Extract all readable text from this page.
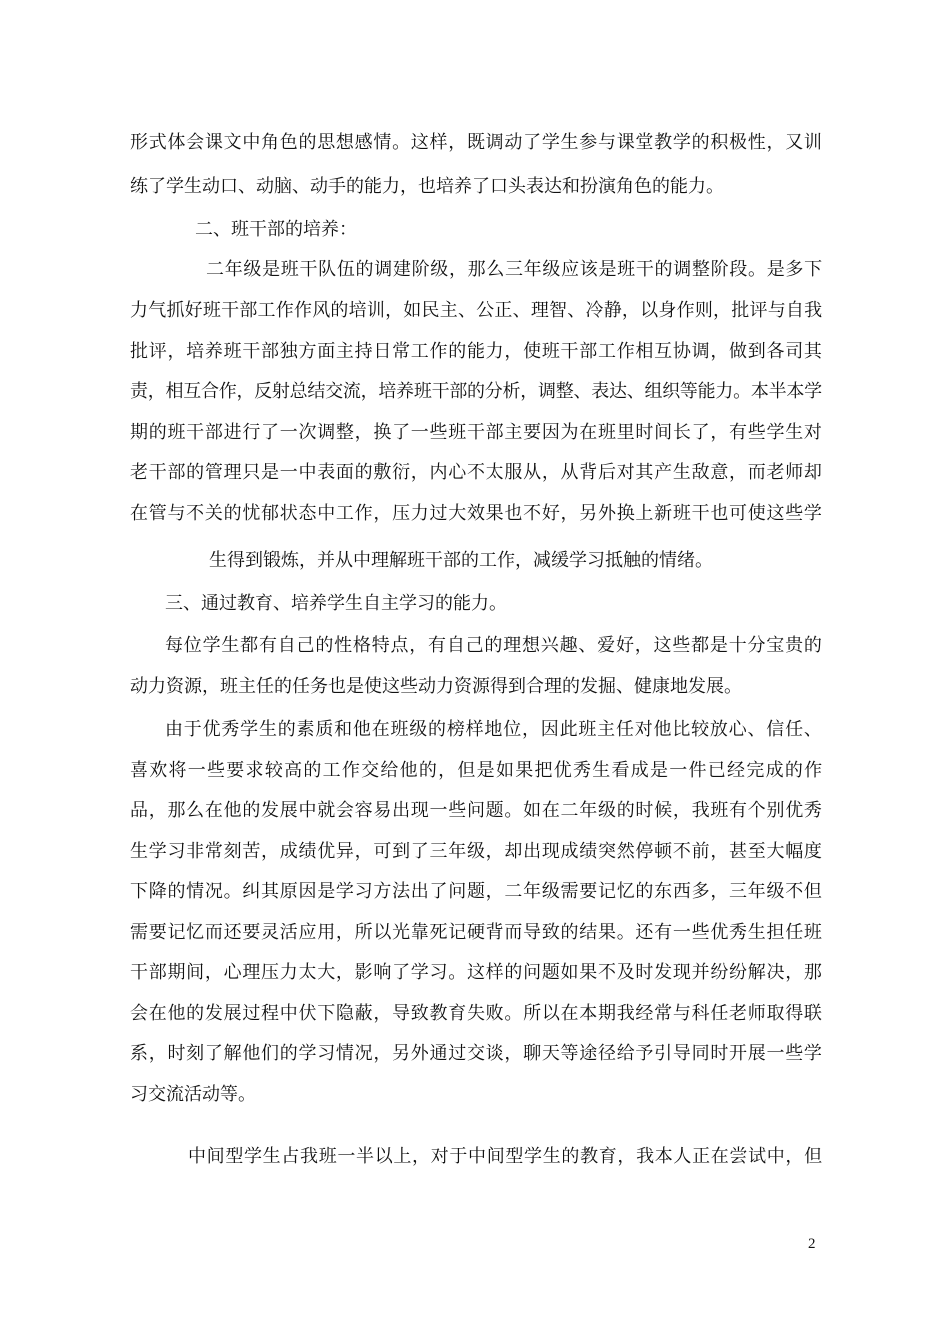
形式体会课文中角色的思想感情。这样，既调动了学生参与课堂教学的积极性，又训
练了学生动口、动脑、动手的能力，也培养了口头表达和扮演角色的能力。
二、班干部的培养：
二年级是班干队伍的调建阶级，那么三年级应该是班干的调整阶段。是多下
力气抓好班干部工作作风的培训，如民主、公正、理智、冷静，以身作则，批评与自我
批评，培养班干部独方面主持日常工作的能力，使班干部工作相互协调，做到各司其
责，相互合作，反射总结交流，培养班干部的分析，调整、表达、组织等能力。本半本学
期的班干部进行了一次调整，换了一些班干部主要因为在班里时间长了，有些学生对
老干部的管理只是一中表面的敷衍，内心不太服从，从背后对其产生敌意，而老师却
在管与不关的忧郁状态中工作，压力过大效果也不好，另外换上新班干也可使这些学
生得到锻炼，并从中理解班干部的工作，减缓学习抵触的情绪。
三、通过教育、培养学生自主学习的能力。
每位学生都有自己的性格特点，有自己的理想兴趣、爱好，这些都是十分宝贵的
动力资源，班主任的任务也是使这些动力资源得到合理的发掘、健康地发展。
由于优秀学生的素质和他在班级的榜样地位，因此班主任对他比较放心、信任、
喜欢将一些要求较高的工作交给他的，但是如果把优秀生看成是一件已经完成的作
品，那么在他的发展中就会容易出现一些问题。如在二年级的时候，我班有个别优秀
生学习非常刻苦，成绩优异，可到了三年级，却出现成绩突然停顿不前，甚至大幅度
下降的情况。纠其原因是学习方法出了问题，二年级需要记忆的东西多，三年级不但
需要记忆而还要灵活应用，所以光靠死记硬背而导致的结果。还有一些优秀生担任班
干部期间，心理压力太大，影响了学习。这样的问题如果不及时发现并纷纷解决，那
会在他的发展过程中伏下隐蔽，导致教育失败。所以在本期我经常与科任老师取得联
系，时刻了解他们的学习情况，另外通过交谈，聊天等途径给予引导同时开展一些学
习交流活动等。
中间型学生占我班一半以上，对于中间型学生的教育，我本人正在尝试中，但
2
